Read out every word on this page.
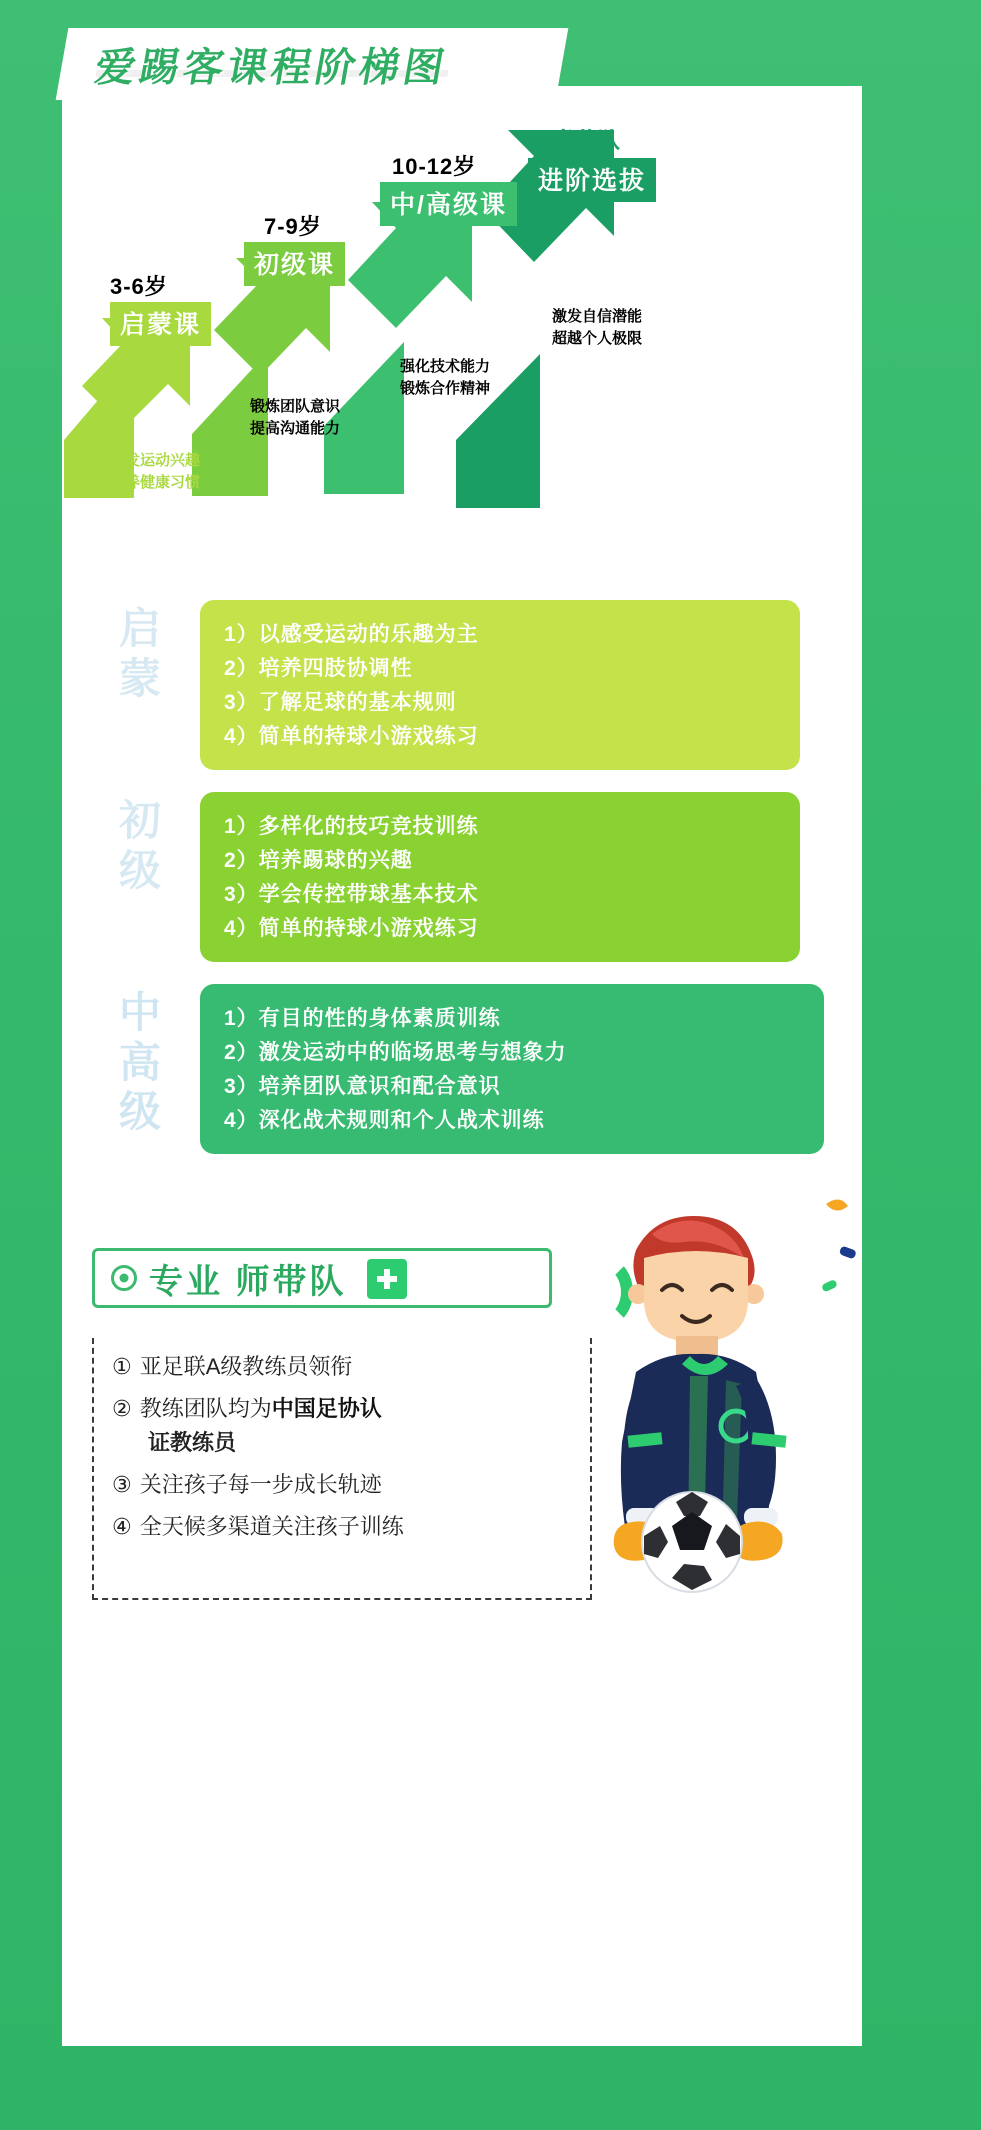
爱踢客课程阶梯图
3-6岁
启蒙课
激发运动兴趣
培养健康习惯
7-9岁
初级课
锻炼团队意识
提高沟通能力
10-12岁
中/高级课
强化技术能力
锻炼合作精神
青英队
进阶选拔
激发自信潜能
超越个人极限
启蒙
1）以感受运动的乐趣为主
2）培养四肢协调性
3）了解足球的基本规则
4）简单的持球小游戏练习
初级
1）多样化的技巧竞技训练
2）培养踢球的兴趣
3）学会传控带球基本技术
4）简单的持球小游戏练习
中高级
1）有目的性的身体素质训练
2）激发运动中的临场思考与想象力
3）培养团队意识和配合意识
4）深化战术规则和个人战术训练
专业 师带队
① 亚足联A级教练员领衔
② 教练团队均为中国足协认
证教练员
③ 关注孩子每一步成长轨迹
④ 全天候多渠道关注孩子训练
